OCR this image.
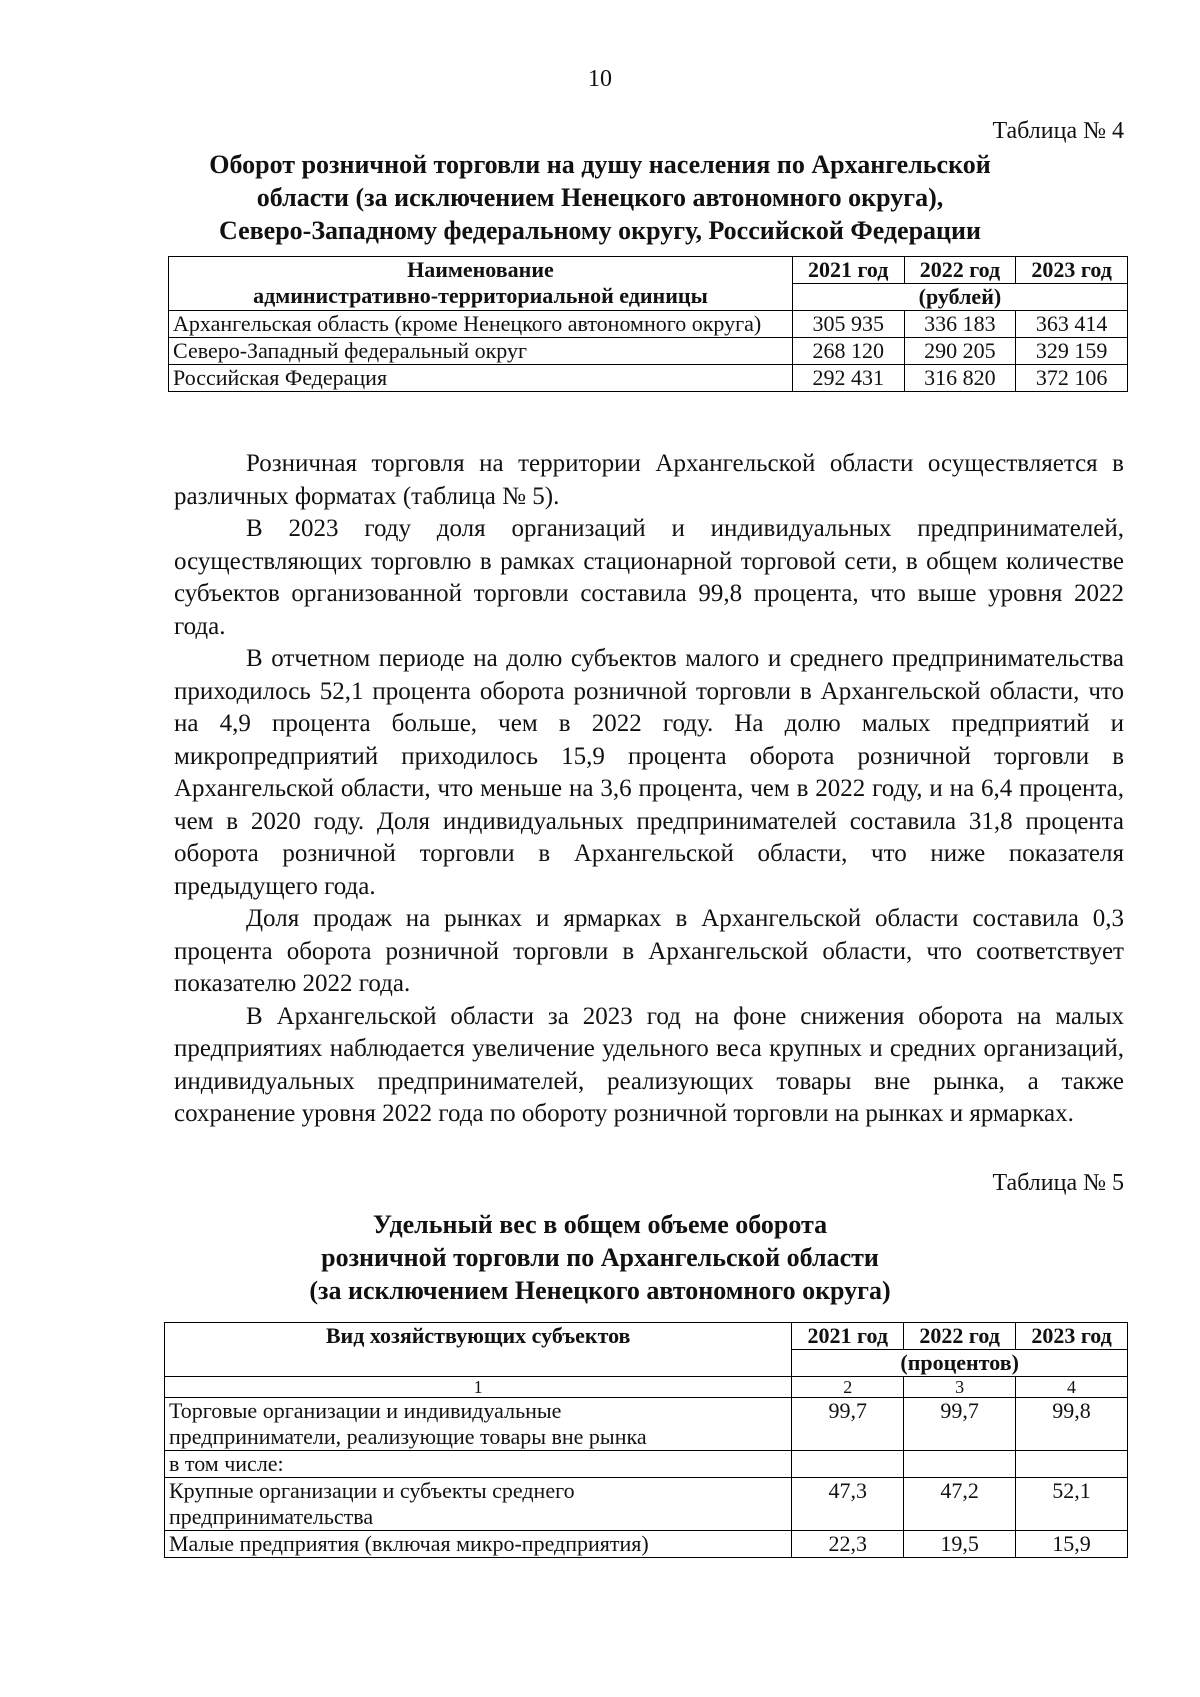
10
Таблица № 4
Оборот розничной торговли на душу населения по Архангельской
области (за исключением Ненецкого автономного округа),
Северо-Западному федеральному округу, Российской Федерации
Наименование
административно-территориальной единицы	2021 год	2022 год	2023 год
	(рублей)		
Архангельская область (кроме Ненецкого автономного округа)	305 935	336 183	363 414
Северо-Западный федеральный округ	268 120	290 205	329 159
Российская Федерация	292 431	316 820	372 106

Розничная торговля на территории Архангельской области осуществляется в различных форматах (таблица № 5).

В 2023 году доля организаций и индивидуальных предпринимателей, осуществляющих торговлю в рамках стационарной торговой сети, в общем количестве субъектов организованной торговли составила 99,8 процента, что выше уровня 2022 года.

В отчетном периоде на долю субъектов малого и среднего предпринимательства приходилось 52,1 процента оборота розничной торговли в Архангельской области, что на 4,9 процента больше, чем в 2022 году. На долю малых предприятий и микропредприятий приходилось 15,9 процента оборота розничной торговли в Архангельской области, что меньше на 3,6 процента, чем в 2022 году, и на 6,4 процента, чем в 2020 году. Доля индивидуальных предпринимателей составила 31,8 процента оборота розничной торговли в Архангельской области, что ниже показателя предыдущего года.

Доля продаж на рынках и ярмарках в Архангельской области составила 0,3 процента оборота розничной торговли в Архангельской области, что соответствует показателю 2022 года.

В Архангельской области за 2023 год на фоне снижения оборота на малых предприятиях наблюдается увеличение удельного веса крупных и средних организаций, индивидуальных предпринимателей, реализующих товары вне рынка, а также сохранение уровня 2022 года по обороту розничной торговли на рынках и ярмарках.

Таблица № 5
Удельный вес в общем объеме оборота
розничной торговли по Архангельской области
(за исключением Ненецкого автономного округа)
Вид хозяйствующих субъектов	2021 год	2022 год	2023 год
	(процентов)		
1	2	3	4

Торговые организации и индивидуальные
предприниматели, реализующие товары вне рынка	99,7	99,7	99,8
в том числе:			

Крупные организации и субъекты среднего
предпринимательства	47,3	47,2	52,1
Малые предприятия (включая микро-предприятия)	22,3	19,5	15,9
